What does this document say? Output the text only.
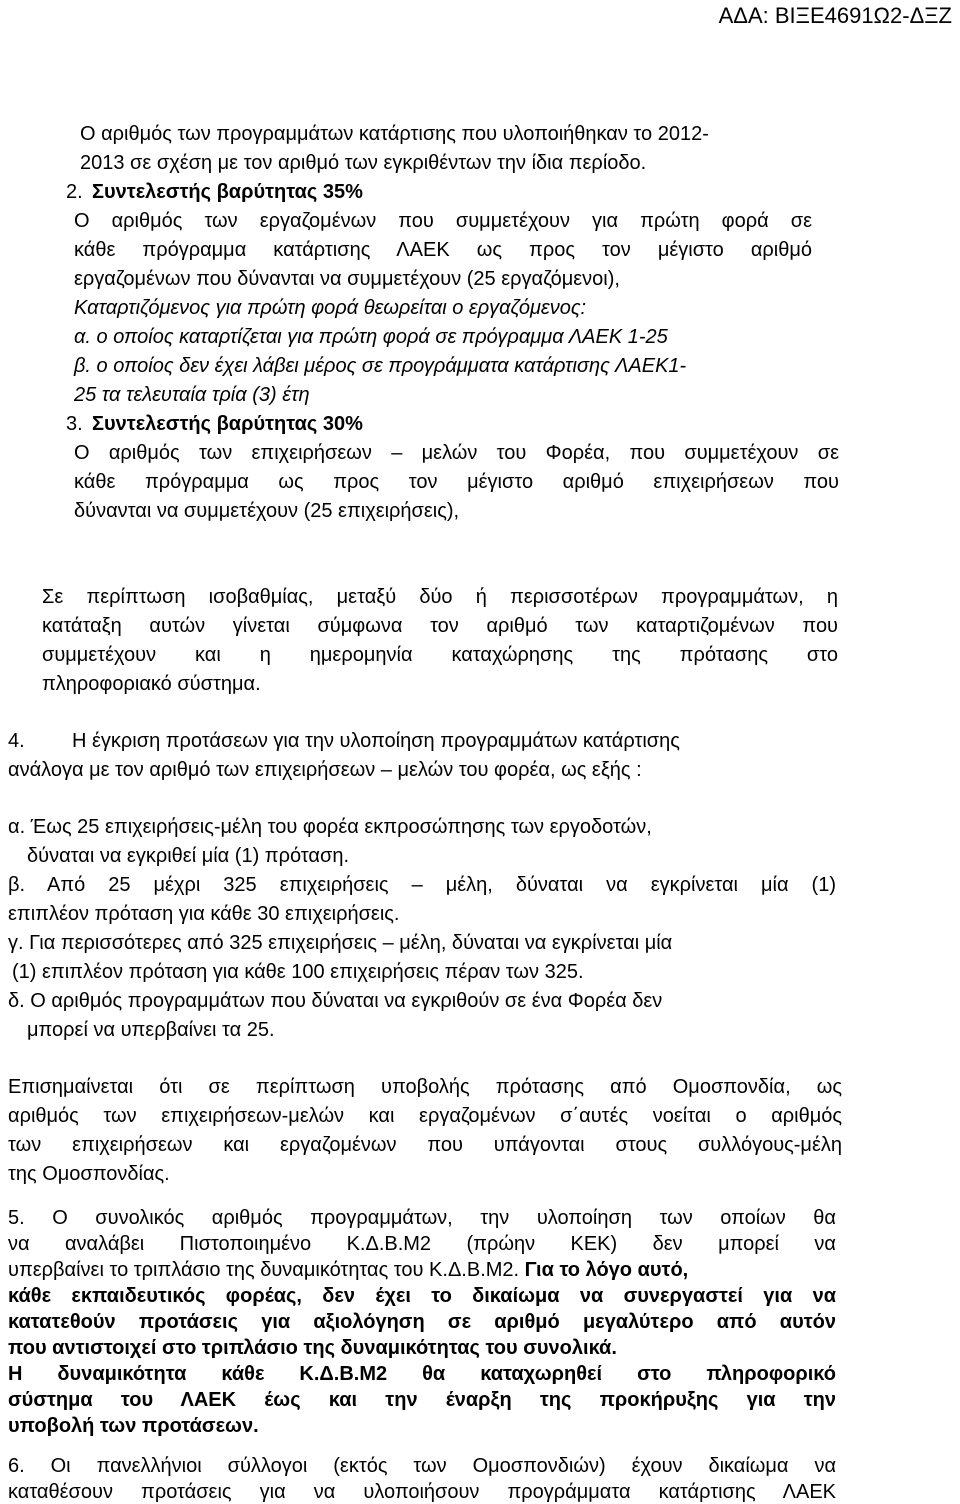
ΑΔΑ: ΒΙΞΕ4691Ω2-ΔΞΖ
Ο αριθμός των προγραμμάτων κατάρτισης που υλοποιήθηκαν το 2012-
2013 σε σχέση με τον αριθμό των εγκριθέντων την ίδια περίοδο.
2. Συντελεστής βαρύτητας 35%
Ο αριθμός των εργαζομένων που συμμετέχουν για πρώτη φορά σε
κάθε πρόγραμμα κατάρτισης ΛΑΕΚ ως προς τον μέγιστο αριθμό
εργαζομένων που δύνανται να συμμετέχουν (25 εργαζόμενοι),
Καταρτιζόμενος για πρώτη φορά θεωρείται ο εργαζόμενος:
α. ο οποίος καταρτίζεται για πρώτη φορά σε πρόγραμμα ΛΑΕΚ 1-25
β. ο οποίος δεν έχει λάβει μέρος σε προγράμματα κατάρτισης ΛΑΕΚ1-
25 τα τελευταία τρία (3) έτη
3. Συντελεστής βαρύτητας 30%
Ο αριθμός των επιχειρήσεων – μελών του Φορέα, που συμμετέχουν σε
κάθε πρόγραμμα ως προς τον μέγιστο αριθμό επιχειρήσεων που
δύνανται να συμμετέχουν (25 επιχειρήσεις),
Σε περίπτωση ισοβαθμίας, μεταξύ δύο ή περισσοτέρων προγραμμάτων, η
κατάταξη αυτών γίνεται σύμφωνα τον αριθμό των καταρτιζομένων που
συμμετέχουν και η ημερομηνία καταχώρησης της πρότασης στο
πληροφοριακό σύστημα.
4. Η έγκριση προτάσεων για την υλοποίηση προγραμμάτων κατάρτισης
ανάλογα με τον αριθμό των επιχειρήσεων – μελών του φορέα, ως εξής :
α. Έως 25 επιχειρήσεις-μέλη του φορέα εκπροσώπησης των εργοδοτών,
δύναται να εγκριθεί μία (1) πρόταση.
β. Από 25 μέχρι 325 επιχειρήσεις – μέλη, δύναται να εγκρίνεται μία (1)
επιπλέον πρόταση για κάθε 30 επιχειρήσεις.
γ. Για περισσότερες από 325 επιχειρήσεις – μέλη, δύναται να εγκρίνεται μία
(1) επιπλέον πρόταση για κάθε 100 επιχειρήσεις πέραν των 325.
δ. Ο αριθμός προγραμμάτων που δύναται να εγκριθούν σε ένα Φορέα δεν
μπορεί να υπερβαίνει τα 25.
Επισημαίνεται ότι σε περίπτωση υποβολής πρότασης από Ομοσπονδία, ως
αριθμός των επιχειρήσεων-μελών και εργαζομένων σ΄αυτές νοείται ο αριθμός
των επιχειρήσεων και εργαζομένων που υπάγονται στους συλλόγους-μέλη
της Ομοσπονδίας.
5. Ο συνολικός αριθμός προγραμμάτων, την υλοποίηση των οποίων θα
να αναλάβει Πιστοποιημένο Κ.Δ.Β.Μ2 (πρώην ΚΕΚ) δεν μπορεί να
υπερβαίνει το τριπλάσιο της δυναμικότητας του Κ.Δ.Β.Μ2. Για το λόγο αυτό,
κάθε εκπαιδευτικός φορέας, δεν έχει το δικαίωμα να συνεργαστεί για να
κατατεθούν προτάσεις για αξιολόγηση σε αριθμό μεγαλύτερο από αυτόν
που αντιστοιχεί στο τριπλάσιο της δυναμικότητας του συνολικά.
Η δυναμικότητα κάθε Κ.Δ.Β.Μ2 θα καταχωρηθεί στο πληροφορικό
σύστημα του ΛΑΕΚ έως και την έναρξη της προκήρυξης για την
υποβολή των προτάσεων.
6. Οι πανελλήνιοι σύλλογοι (εκτός των Ομοσπονδιών) έχουν δικαίωμα να
καταθέσουν προτάσεις για να υλοποιήσουν προγράμματα κατάρτισης ΛΑΕΚ
